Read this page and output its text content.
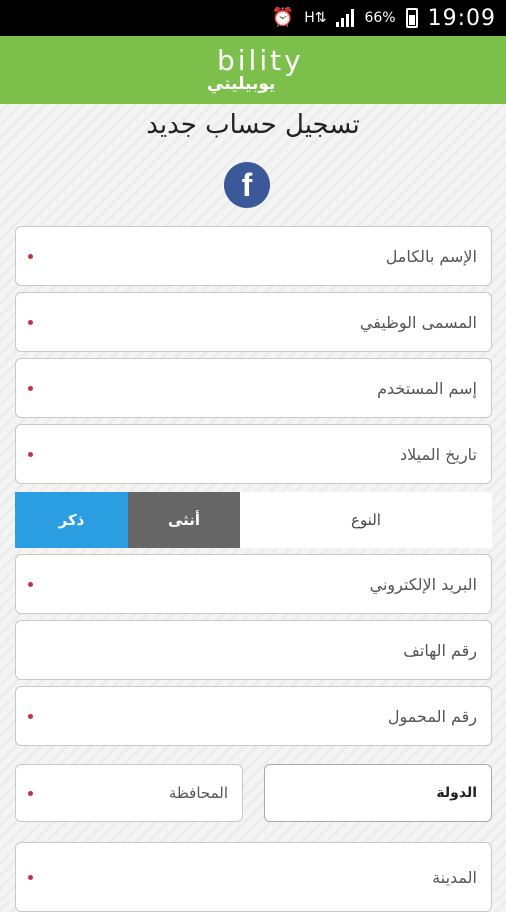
⏰ H⇅	66% 19:09
bility
يوبيليتي
تسجيل حساب جديد
f
الإسم بالكامل
المسمى الوظيفي
إسم المستخدم
تاريخ الميلاد
ذكر	أنثى	النوع
البريد الإلكتروني
رقم الهاتف
رقم المحمول
المحافظة	الدولة
المدينة
